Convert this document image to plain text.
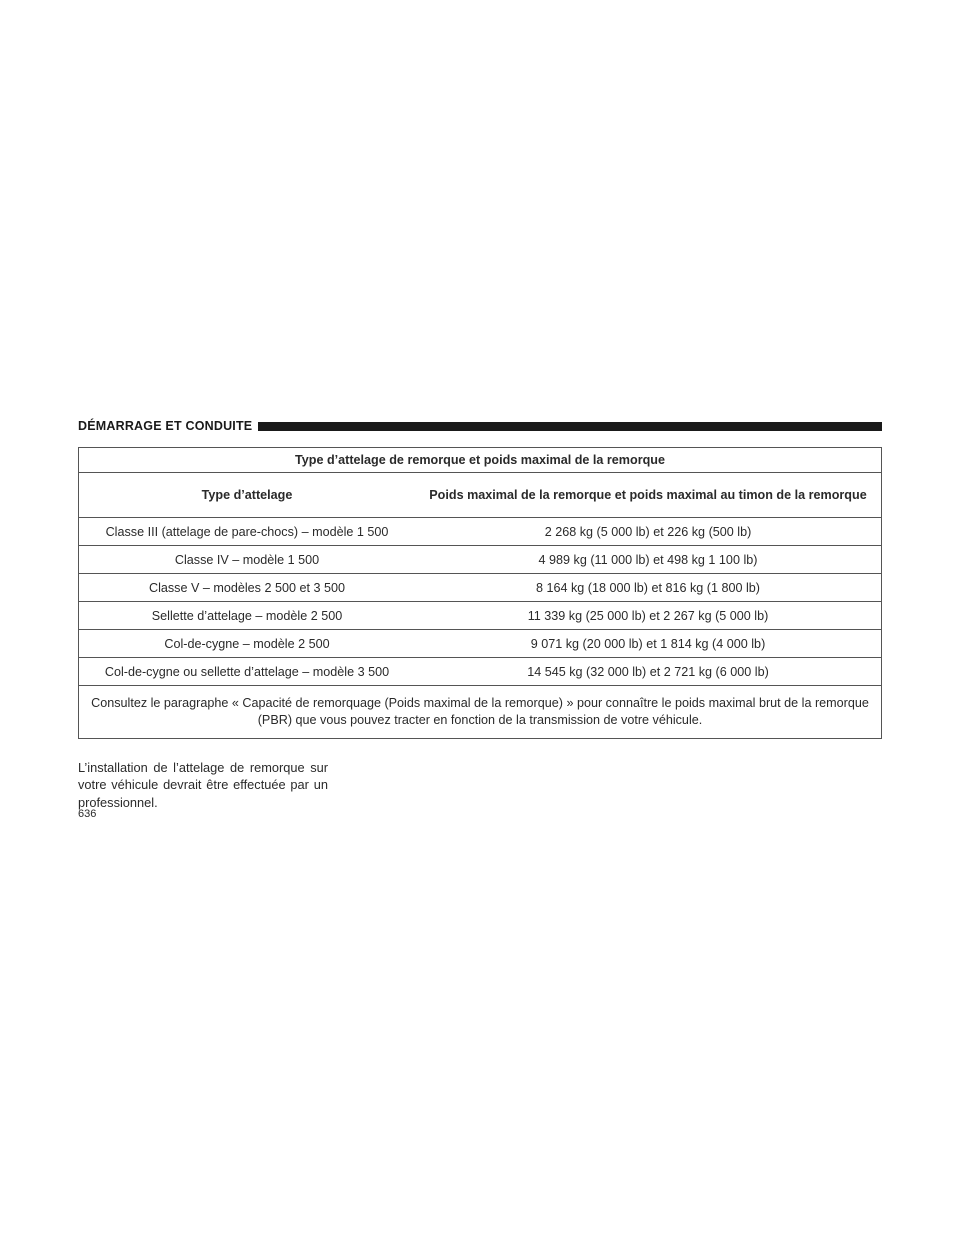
DÉMARRAGE ET CONDUITE
Type d’attelage de remorque et poids maximal de la remorque	
Type d’attelage	Poids maximal de la remorque et poids maximal au timon de la remorque
Classe III (attelage de pare-chocs) – modèle 1 500	2 268 kg (5 000 lb) et 226 kg (500 lb)
Classe IV – modèle 1 500	4 989 kg (11 000 lb) et 498 kg 1 100 lb)
Classe V – modèles 2 500 et 3 500	8 164 kg (18 000 lb) et 816 kg (1 800 lb)
Sellette d’attelage – modèle 2 500	11 339 kg (25 000 lb) et 2 267 kg (5 000 lb)
Col-de-cygne – modèle 2 500	9 071 kg (20 000 lb) et 1 814 kg (4 000 lb)
Col-de-cygne ou sellette d’attelage – modèle 3 500	14 545 kg (32 000 lb) et 2 721 kg (6 000 lb)
Consultez le paragraphe « Capacité de remorquage (Poids maximal de la remorque) » pour connaître le poids maximal brut de la remorque (PBR) que vous pouvez tracter en fonction de la transmission de votre véhicule.	

L’installation de l’attelage de remorque sur votre véhicule devrait être effectuée par un professionnel.

636
